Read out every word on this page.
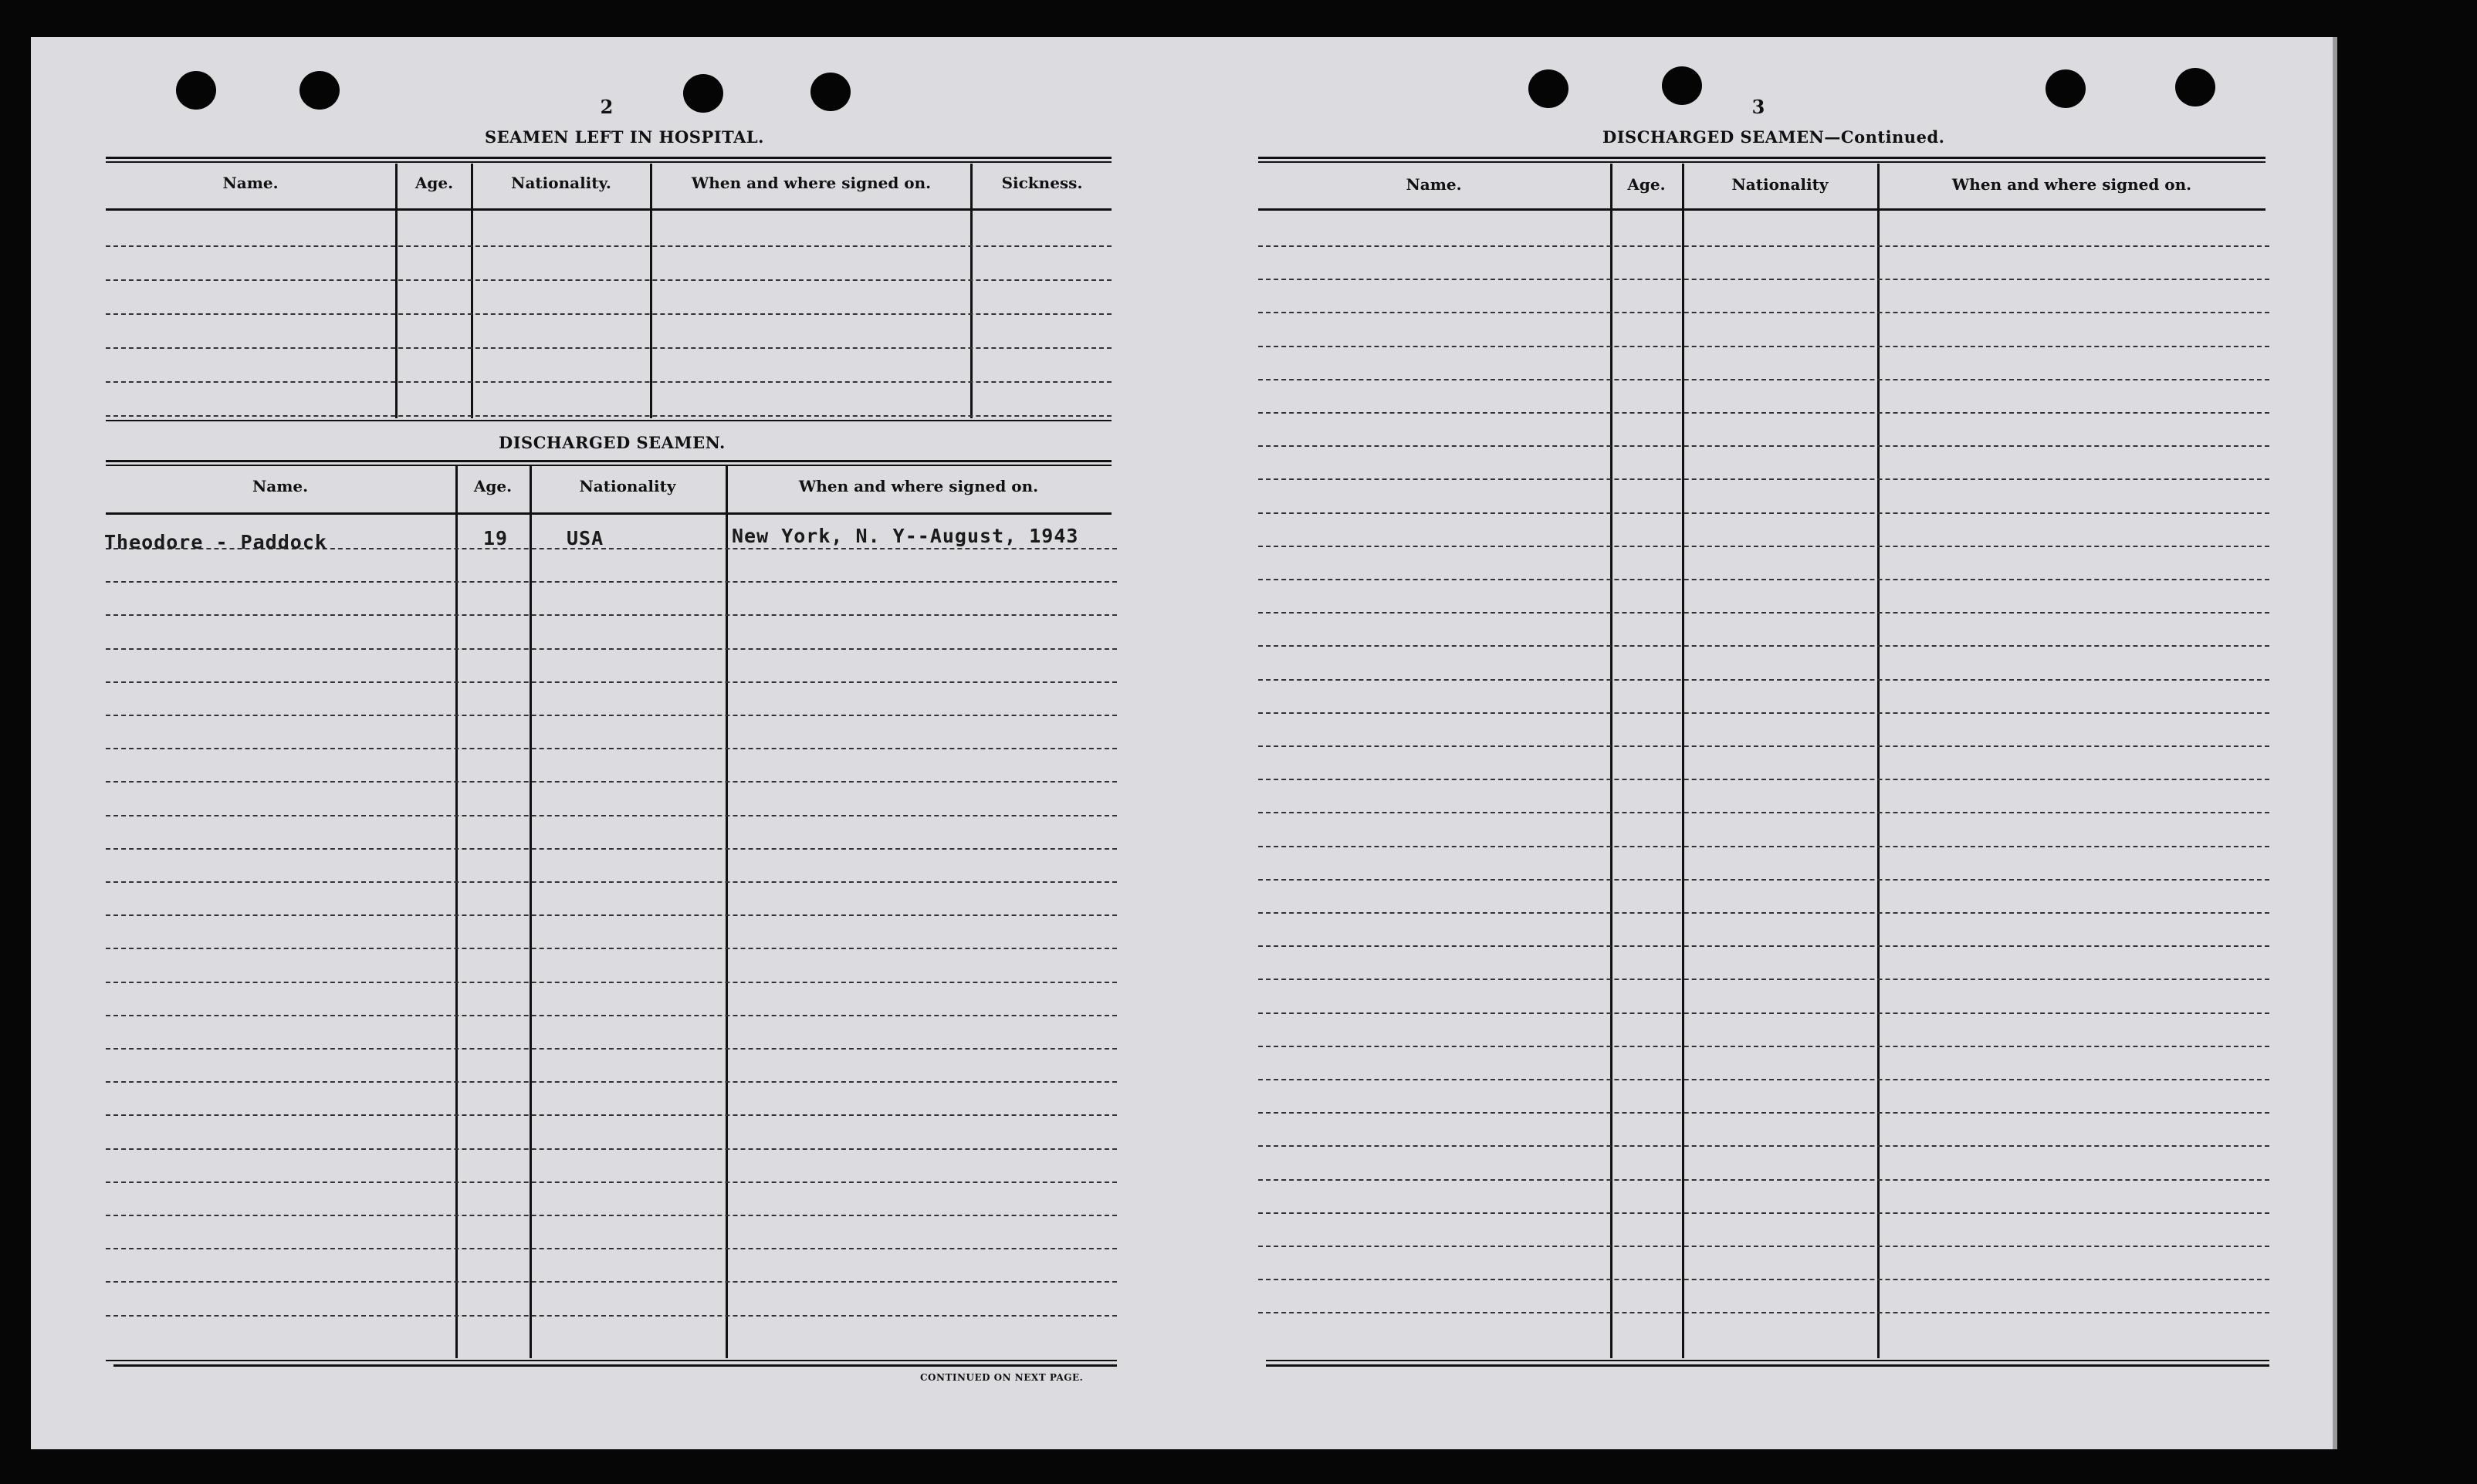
2
SEAMEN LEFT IN HOSPITAL.
Name.	Age.	Nationality.	When and where signed on.	Sickness.
DISCHARGED SEAMEN.
Name.	Age.	Nationality	When and where signed on.
Theodore - Paddock	19	USA	New York, N. Y--August, 1943
CONTINUED ON NEXT PAGE.
3
DISCHARGED SEAMEN—Continued.
Name.	Age.	Nationality	When and where signed on.
